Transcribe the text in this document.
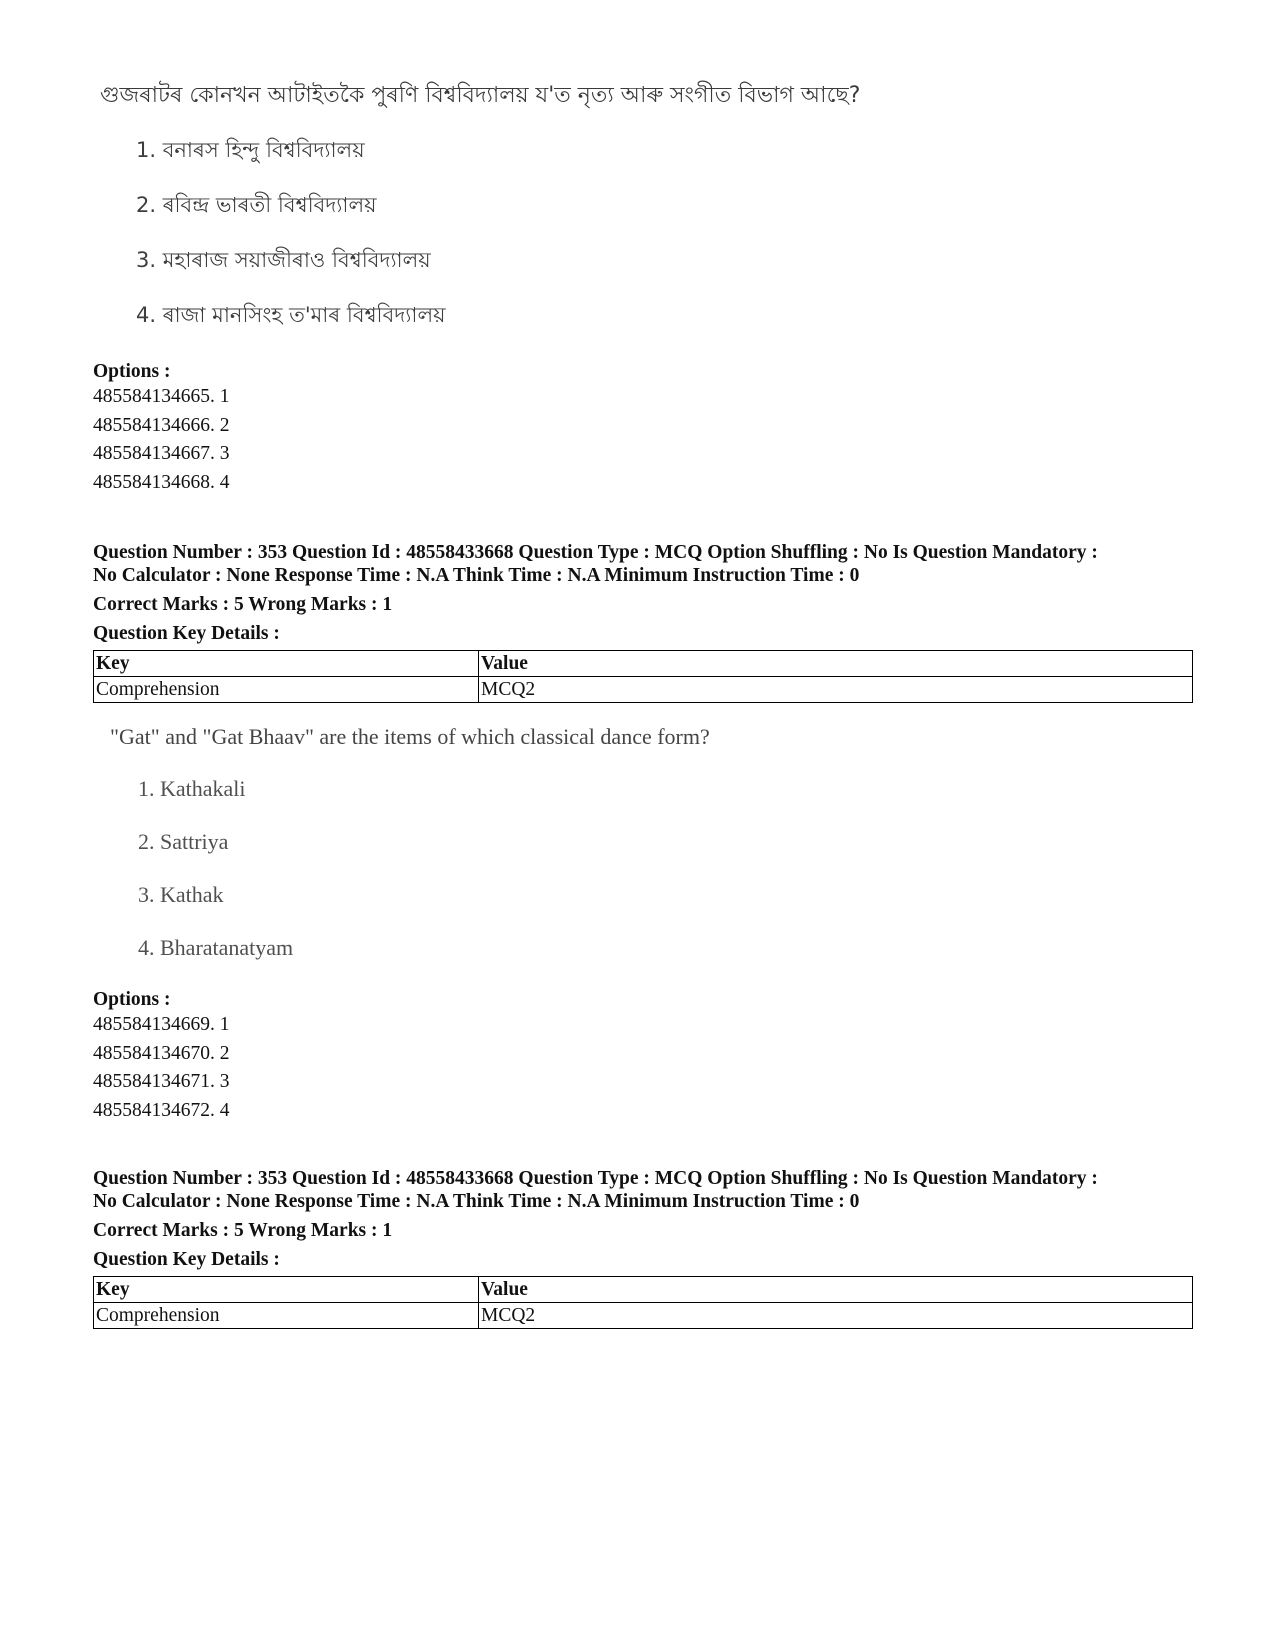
গুজৰাটৰ কোনখন আটাইতকৈ পুৰণি বিশ্ববিদ্যালয় য'ত নৃত্য আৰু সংগীত বিভাগ আছে?

1. বনাৰস হিন্দু বিশ্ববিদ্যালয়
2. ৰবিন্দ্ৰ ভাৰতী বিশ্ববিদ্যালয়
3. মহাৰাজ সয়াজীৰাও বিশ্ববিদ্যালয়
4. ৰাজা মানসিংহ ত'মাৰ বিশ্ববিদ্যালয়
Options :
485584134665. 1
485584134666. 2
485584134667. 3
485584134668. 4
Question Number : 353 Question Id : 48558433668 Question Type : MCQ Option Shuffling : No Is Question Mandatory :
No Calculator : None Response Time : N.A Think Time : N.A Minimum Instruction Time : 0
Correct Marks : 5 Wrong Marks : 1
Question Key Details :
Key	Value
Comprehension	MCQ2

"Gat" and "Gat Bhaav" are the items of which classical dance form?

1. Kathakali
2. Sattriya
3. Kathak
4. Bharatanatyam
Options :
485584134669. 1
485584134670. 2
485584134671. 3
485584134672. 4
Question Number : 353 Question Id : 48558433668 Question Type : MCQ Option Shuffling : No Is Question Mandatory :
No Calculator : None Response Time : N.A Think Time : N.A Minimum Instruction Time : 0
Correct Marks : 5 Wrong Marks : 1
Question Key Details :
Key	Value
Comprehension	MCQ2
